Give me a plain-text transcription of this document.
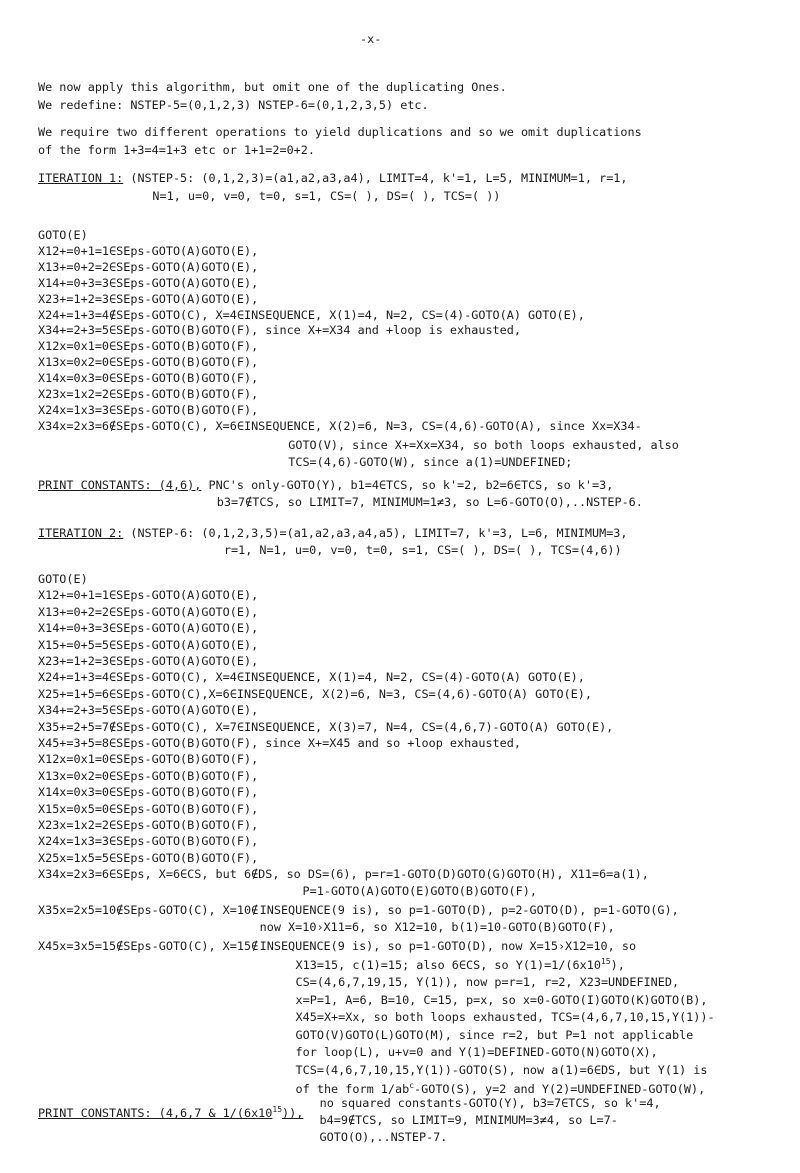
-x-
We now apply this algorithm, but omit one of the duplicating Ones.
We redefine: NSTEP-5=(0,1,2,3) NSTEP-6=(0,1,2,3,5) etc.
We require two different operations to yield duplications and so we omit duplications
of the form 1+3=4=1+3 etc or 1+1=2=0+2.
ITERATION 1: (NSTEP-5: (0,1,2,3)=(a1,a2,a3,a4), LIMIT=4, k'=1, L=5, MINIMUM=1, r=1,
N=1, u=0, v=0, t=0, s=1, CS=( ), DS=( ), TCS=( ))
GOTO(E)
X12+=0+1=1∈SEps-GOTO(A)GOTO(E),
X13+=0+2=2∈SEps-GOTO(A)GOTO(E),
X14+=0+3=3∈SEps-GOTO(A)GOTO(E),
X23+=1+2=3∈SEps-GOTO(A)GOTO(E),
X24+=1+3=4∉SEps-GOTO(C), X=4∈INSEQUENCE, X(1)=4, N=2, CS=(4)-GOTO(A) GOTO(E),
X34+=2+3=5∈SEps-GOTO(B)GOTO(F), since X+=X34 and +loop is exhausted,
X12x=0x1=0∈SEps-GOTO(B)GOTO(F),
X13x=0x2=0∈SEps-GOTO(B)GOTO(F),
X14x=0x3=0∈SEps-GOTO(B)GOTO(F),
X23x=1x2=2∈SEps-GOTO(B)GOTO(F),
X24x=1x3=3∈SEps-GOTO(B)GOTO(F),
X34x=2x3=6∉SEps-GOTO(C), X=6∈INSEQUENCE, X(2)=6, N=3, CS=(4,6)-GOTO(A), since Xx=X34-
GOTO(V), since X+=Xx=X34, so both loops exhausted, also
TCS=(4,6)-GOTO(W), since a(1)=UNDEFINED;
PRINT CONSTANTS: (4,6), PNC's only-GOTO(Y), b1=4∈TCS, so k'=2, b2=6∈TCS, so k'=3,
b3=7∉TCS, so LIMIT=7, MINIMUM=1≠3, so L=6-GOTO(O),..NSTEP-6.
ITERATION 2: (NSTEP-6: (0,1,2,3,5)=(a1,a2,a3,a4,a5), LIMIT=7, k'=3, L=6, MINIMUM=3,
r=1, N=1, u=0, v=0, t=0, s=1, CS=( ), DS=( ), TCS=(4,6))
GOTO(E)
X12+=0+1=1∈SEps-GOTO(A)GOTO(E),
X13+=0+2=2∈SEps-GOTO(A)GOTO(E),
X14+=0+3=3∈SEps-GOTO(A)GOTO(E),
X15+=0+5=5∈SEps-GOTO(A)GOTO(E),
X23+=1+2=3∈SEps-GOTO(A)GOTO(E),
X24+=1+3=4∈SEps-GOTO(C), X=4∈INSEQUENCE, X(1)=4, N=2, CS=(4)-GOTO(A) GOTO(E),
X25+=1+5=6∈SEps-GOTO(C),X=6∈INSEQUENCE, X(2)=6, N=3, CS=(4,6)-GOTO(A) GOTO(E),
X34+=2+3=5∈SEps-GOTO(A)GOTO(E),
X35+=2+5=7∉SEps-GOTO(C), X=7∈INSEQUENCE, X(3)=7, N=4, CS=(4,6,7)-GOTO(A) GOTO(E),
X45+=3+5=8∈SEps-GOTO(B)GOTO(F), since X+=X45 and so +loop exhausted,
X12x=0x1=0∈SEps-GOTO(B)GOTO(F),
X13x=0x2=0∈SEps-GOTO(B)GOTO(F),
X14x=0x3=0∈SEps-GOTO(B)GOTO(F),
X15x=0x5=0∈SEps-GOTO(B)GOTO(F),
X23x=1x2=2∈SEps-GOTO(B)GOTO(F),
X24x=1x3=3∈SEps-GOTO(B)GOTO(F),
X25x=1x5=5∈SEps-GOTO(B)GOTO(F),
X34x=2x3=6∈SEps, X=6∈CS, but 6∉DS, so DS=(6), p=r=1-GOTO(D)GOTO(G)GOTO(H), X11=6=a(1),
P=1-GOTO(A)GOTO(E)GOTO(B)GOTO(F),
X35x=2x5=10∉SEps-GOTO(C), X=10∉ INSEQUENCE(9 is), so p=1-GOTO(D), p=2-GOTO(D), p=1-GOTO(G),
now X=10›X11=6, so X12=10, b(1)=10-GOTO(B)GOTO(F),
X45x=3x5=15∉SEps-GOTO(C), X=15∉ INSEQUENCE(9 is), so p=1-GOTO(D), now X=15›X12=10, so
X13=15, c(1)=15; also 6∈CS, so $Y(1)=1/(6x10^{15})$,
CS=(4,6,7,19,15, Y(1)), now p=r=1, r=2, X23=UNDEFINED,
x=P=1, A=6, B=10, C=15, p=x, so x=0-GOTO(I)GOTO(K)GOTO(B),
X45=X+=Xx, so both loops exhausted, TCS=(4,6,7,10,15,Y(1))-
GOTO(V)GOTO(L)GOTO(M), since r=2, but P=1 not applicable
for loop(L), u+v=0 and Y(1)=DEFINED-GOTO(N)GOTO(X),
TCS=(4,6,7,10,15,Y(1))-GOTO(S), now a(1)=6∈DS, but Y(1) is
of the form $1/ab^c-GOTO(S)$, y=2 and Y(2)=UNDEFINED-GOTO(W),
PRINT CONSTANTS: (4,6,7 & $1/(6x10^{15})$),
no squared constants-GOTO(Y), b3=7∈TCS, so k'=4,
b4=9∉TCS, so LIMIT=9, MINIMUM=3≠4, so L=7-
GOTO(O),..NSTEP-7.
